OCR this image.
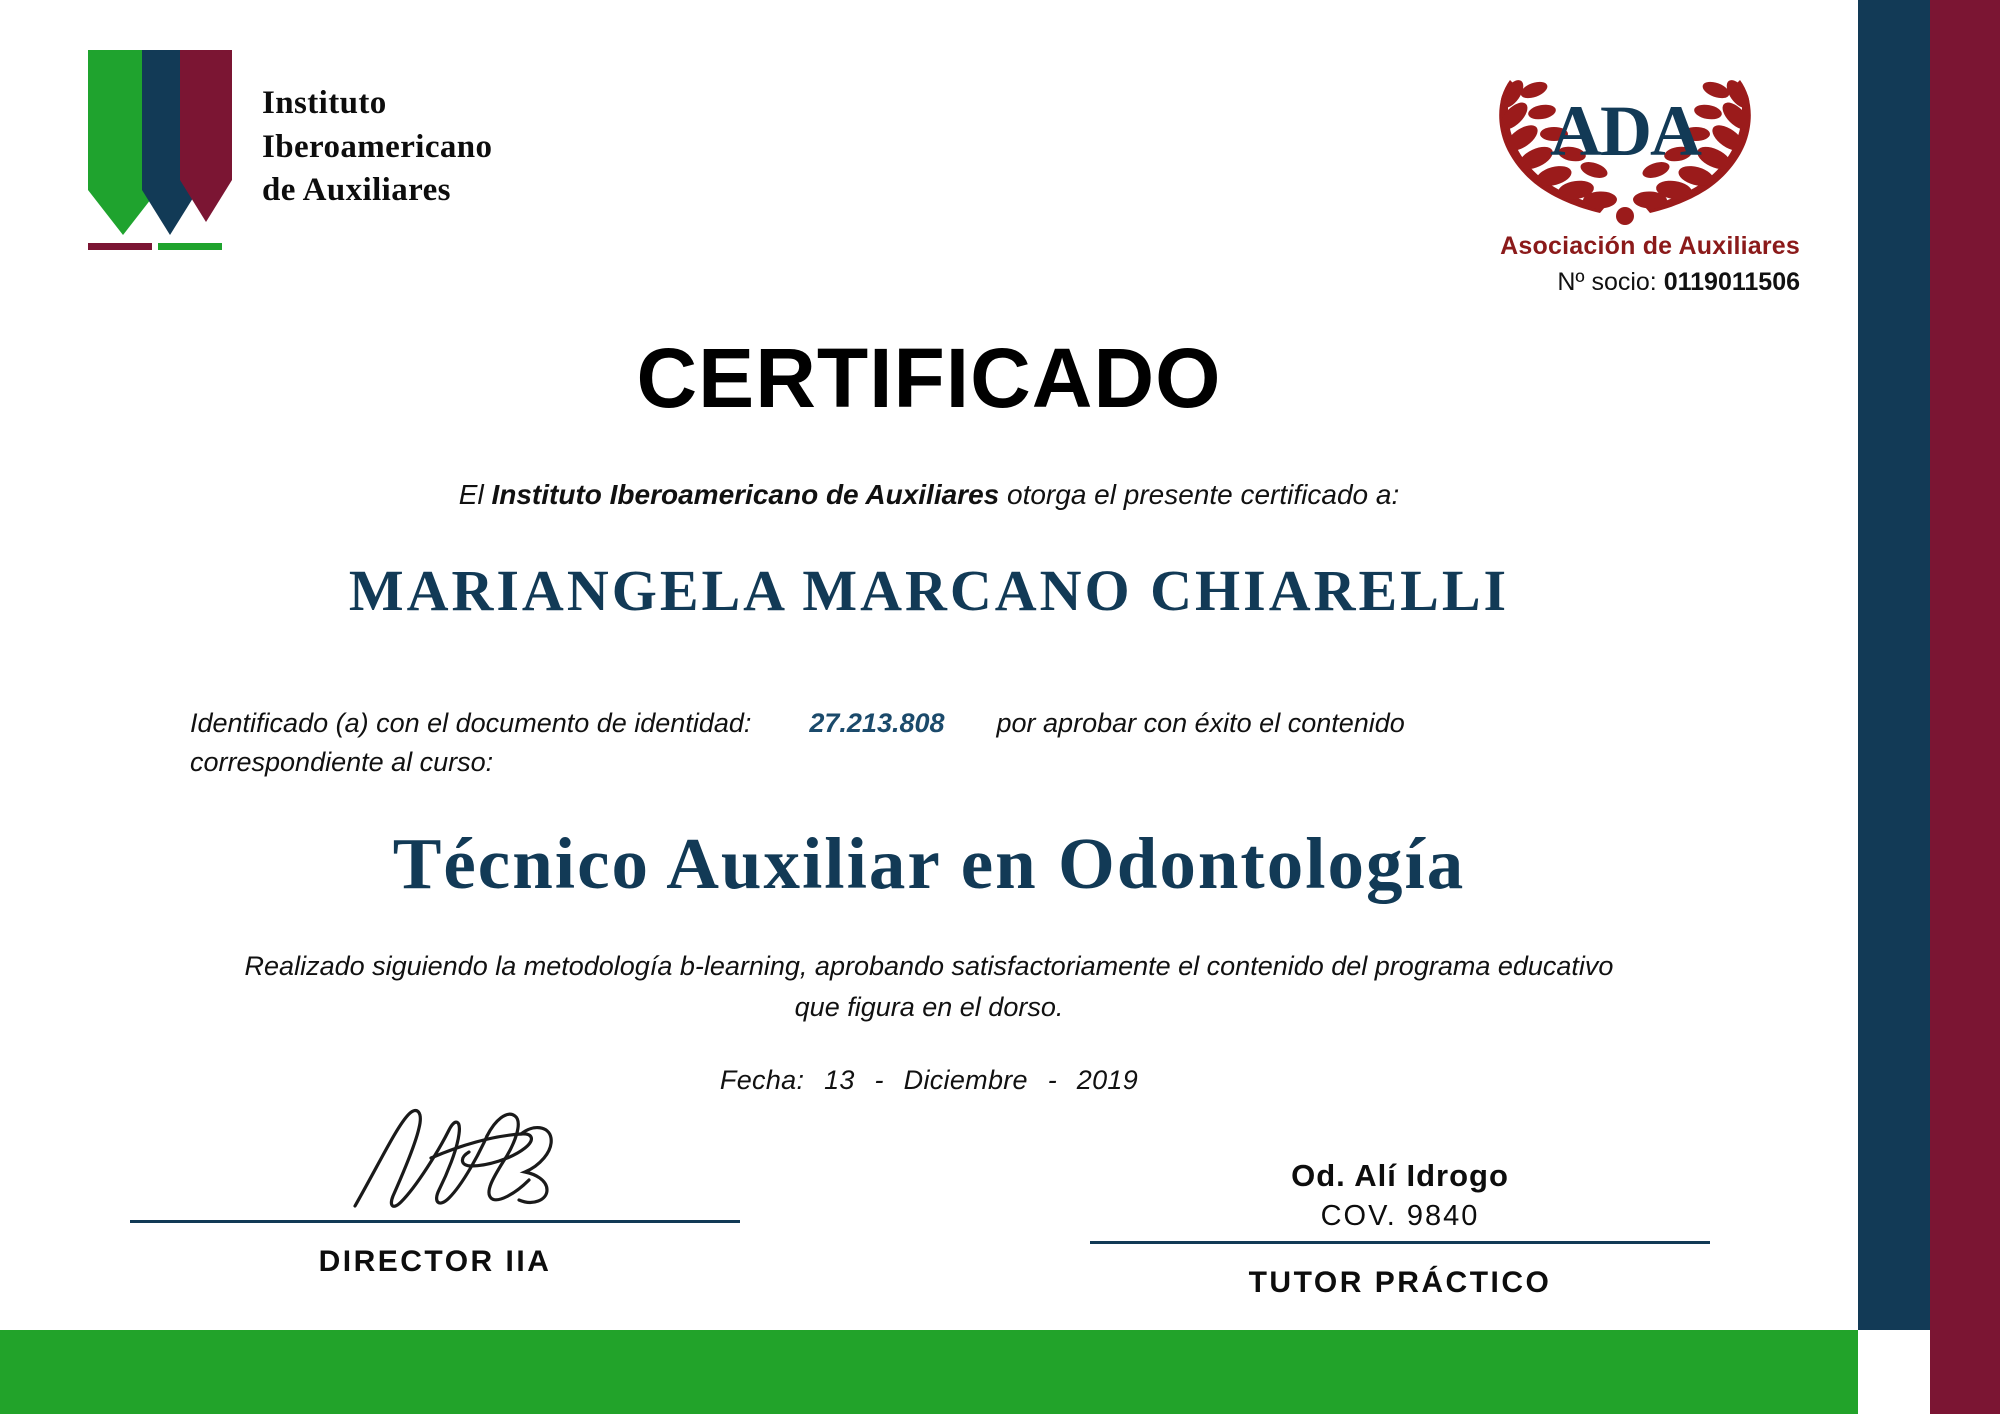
Instituto
Iberoamericano
de Auxiliares
ADA
Asociación de Auxiliares
Nº socio: 0119011506
CERTIFICADO
El Instituto Iberoamericano de Auxiliares otorga el presente certificado a:
MARIANGELA MARCANO CHIARELLI
Identificado (a) con el documento de identidad: 27.213.808 por aprobar con éxito el contenido
correspondiente al curso:
Técnico Auxiliar en Odontología
Realizado siguiendo la metodología b-learning, aprobando satisfactoriamente el contenido del programa educativo que figura en el dorso.
Fecha: 13 - Diciembre - 2019
DIRECTOR IIA
Od. Alí Idrogo
COV. 9840
TUTOR PRÁCTICO
